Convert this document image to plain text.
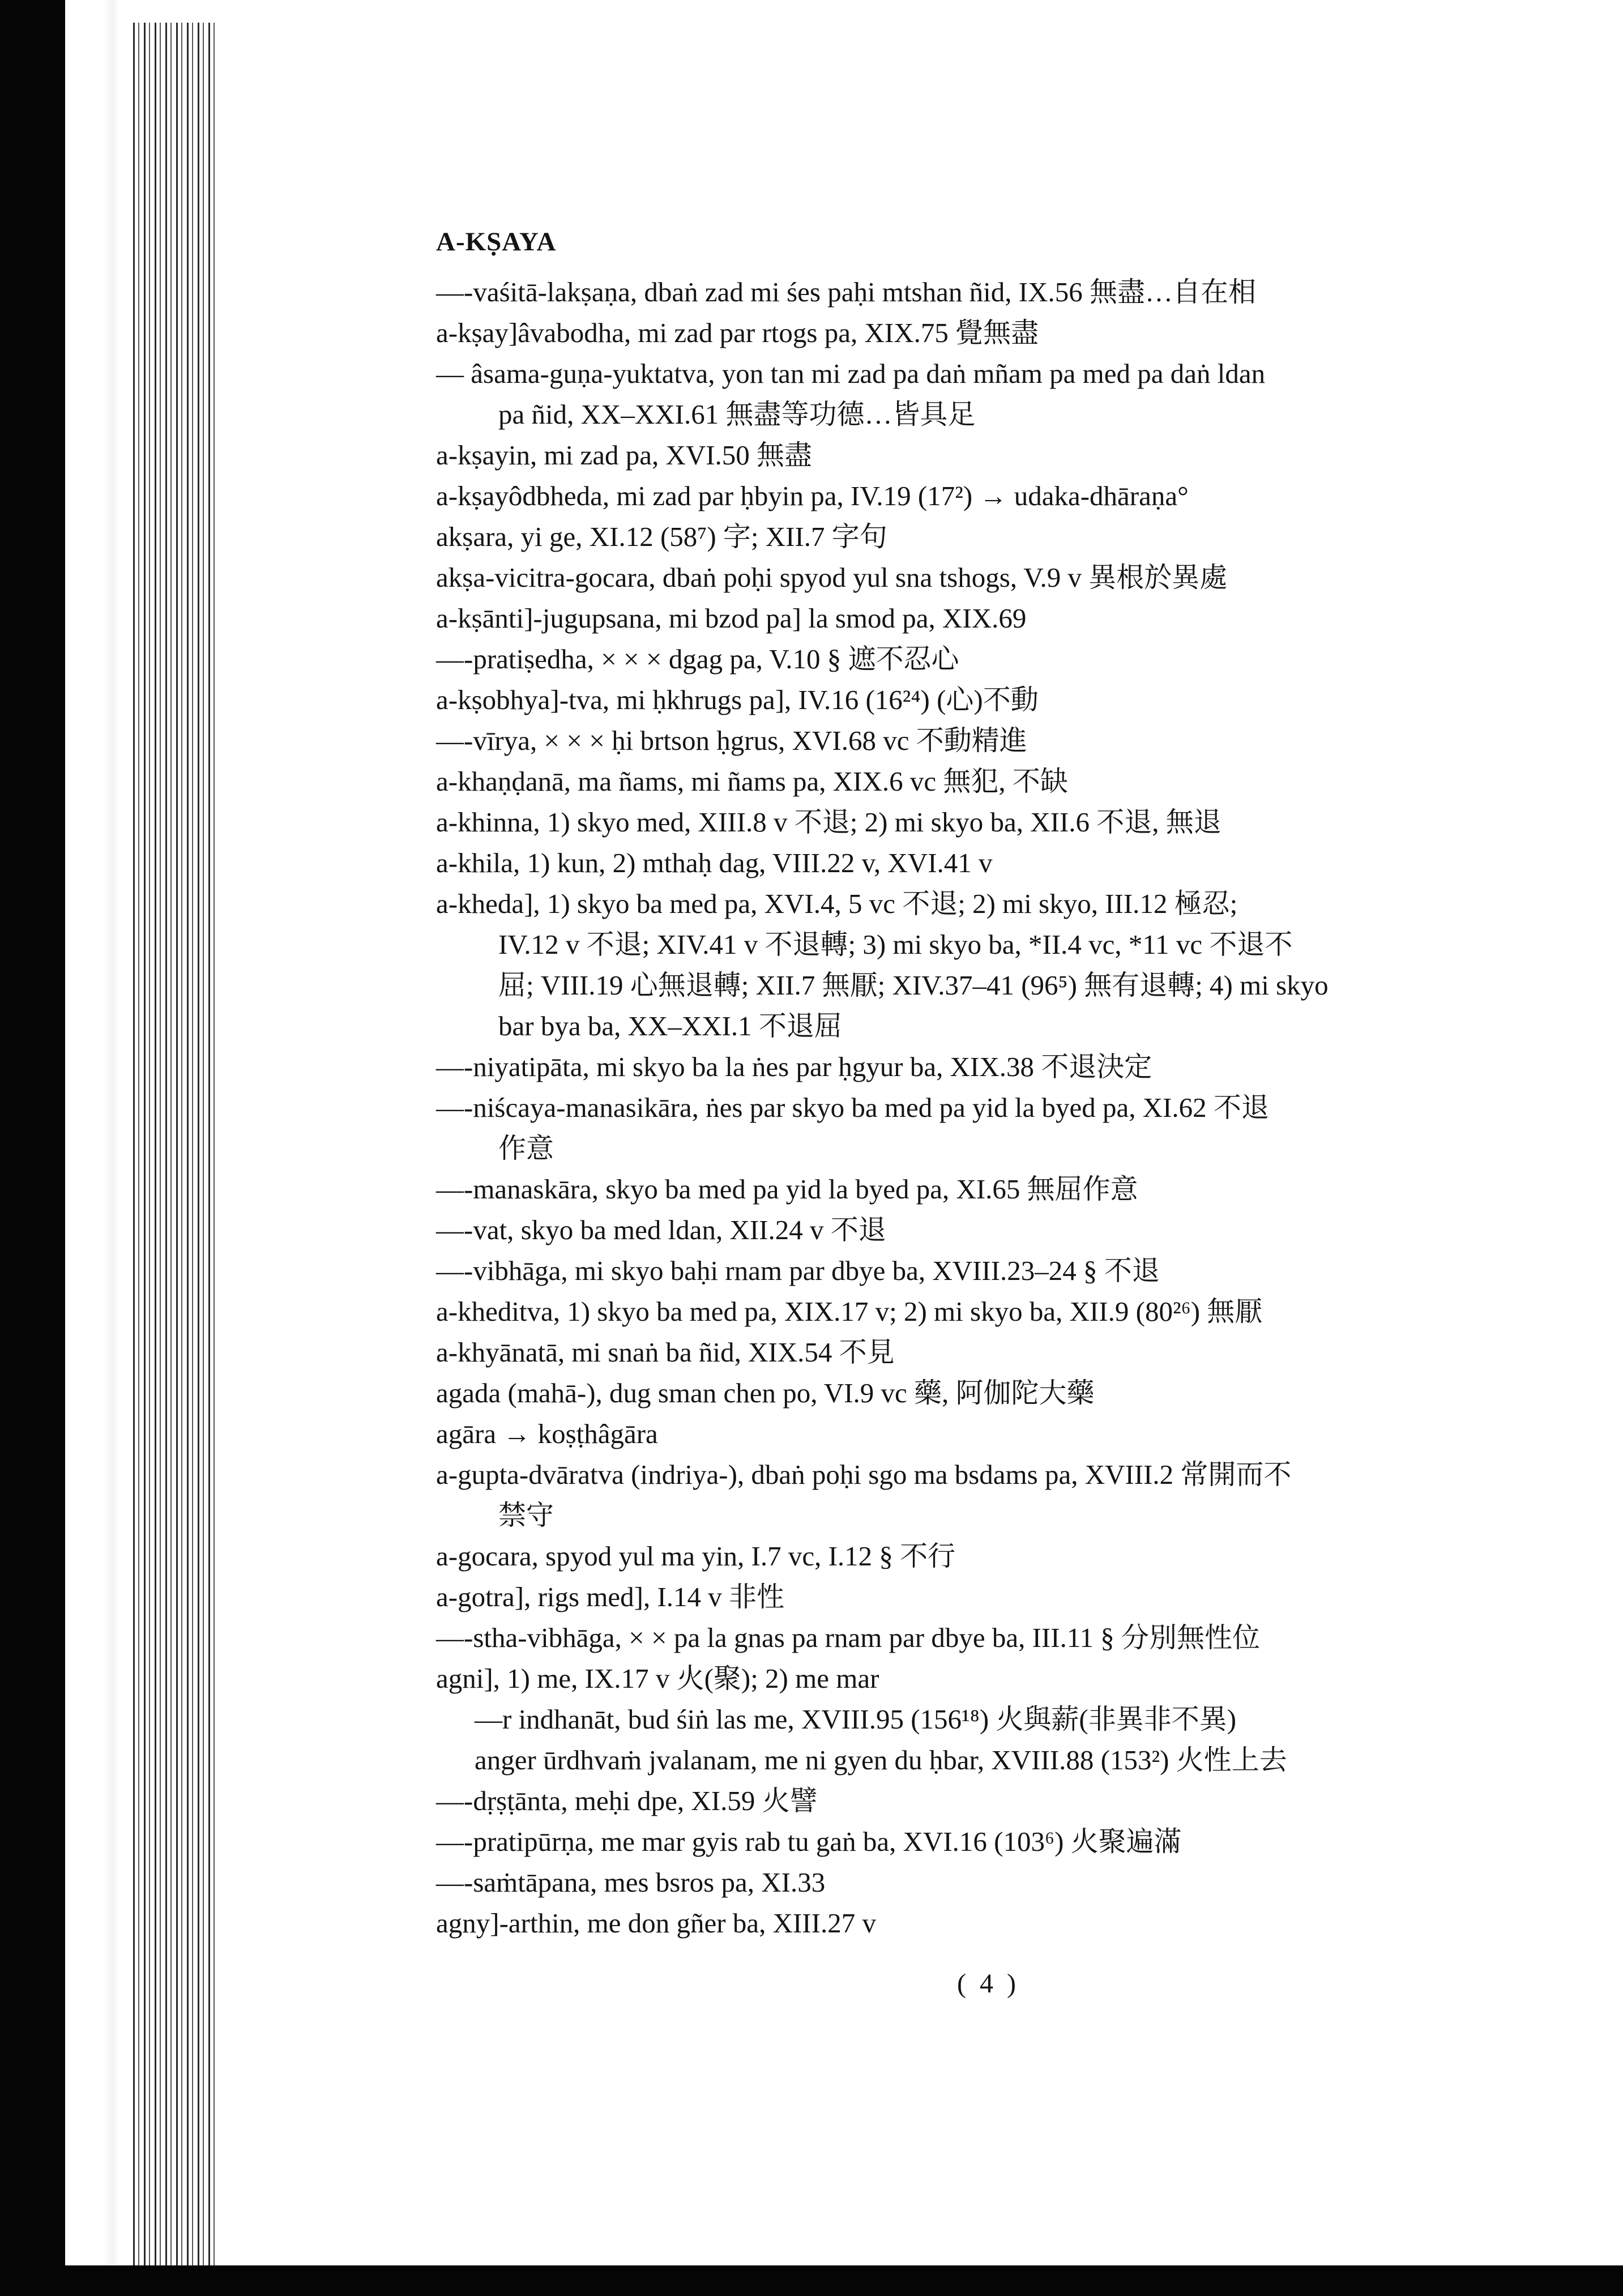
A-KṢAYA
—-vaśitā-lakṣaṇa, dbaṅ zad mi śes paḥi mtshan ñid, IX.56 無盡…自在相
a-kṣay]âvabodha, mi zad par rtogs pa, XIX.75 覺無盡
— âsama-guṇa-yuktatva, yon tan mi zad pa daṅ mñam pa med pa daṅ ldan
pa ñid, XX–XXI.61 無盡等功德…皆具足
a-kṣayin, mi zad pa, XVI.50 無盡
a-kṣayôdbheda, mi zad par ḥbyin pa, IV.19 (17²) → udaka-dhāraṇa°
akṣara, yi ge, XI.12 (58⁷) 字; XII.7 字句
akṣa-vicitra-gocara, dbaṅ poḥi spyod yul sna tshogs, V.9 v 異根於異處
a-kṣānti]-jugupsana, mi bzod pa] la smod pa, XIX.69
—-pratiṣedha, × × × dgag pa, V.10 § 遮不忍心
a-kṣobhya]-tva, mi ḥkhrugs pa], IV.16 (16²⁴) (心)不動
—-vīrya, × × × ḥi brtson ḥgrus, XVI.68 vc 不動精進
a-khaṇḍanā, ma ñams, mi ñams pa, XIX.6 vc 無犯, 不缺
a-khinna, 1) skyo med, XIII.8 v 不退; 2) mi skyo ba, XII.6 不退, 無退
a-khila, 1) kun, 2) mthaḥ dag, VIII.22 v, XVI.41 v
a-kheda], 1) skyo ba med pa, XVI.4, 5 vc 不退; 2) mi skyo, III.12 極忍;
IV.12 v 不退; XIV.41 v 不退轉; 3) mi skyo ba, *II.4 vc, *11 vc 不退不
屈; VIII.19 心無退轉; XII.7 無厭; XIV.37–41 (96⁵) 無有退轉; 4) mi skyo
bar bya ba, XX–XXI.1 不退屈
—-niyatipāta, mi skyo ba la ṅes par ḥgyur ba, XIX.38 不退決定
—-niścaya-manasikāra, ṅes par skyo ba med pa yid la byed pa, XI.62 不退
作意
—-manaskāra, skyo ba med pa yid la byed pa, XI.65 無屈作意
—-vat, skyo ba med ldan, XII.24 v 不退
—-vibhāga, mi skyo baḥi rnam par dbye ba, XVIII.23–24 § 不退
a-kheditva, 1) skyo ba med pa, XIX.17 v; 2) mi skyo ba, XII.9 (80²⁶) 無厭
a-khyānatā, mi snaṅ ba ñid, XIX.54 不見
agada (mahā-), dug sman chen po, VI.9 vc 藥, 阿伽陀大藥
agāra → koṣṭhâgāra
a-gupta-dvāratva (indriya-), dbaṅ poḥi sgo ma bsdams pa, XVIII.2 常開而不
禁守
a-gocara, spyod yul ma yin, I.7 vc, I.12 § 不行
a-gotra], rigs med], I.14 v 非性
—-stha-vibhāga, × × pa la gnas pa rnam par dbye ba, III.11 § 分別無性位
agni], 1) me, IX.17 v 火(聚); 2) me mar
—r indhanāt, bud śiṅ las me, XVIII.95 (156¹⁸) 火與薪(非異非不異)
anger ūrdhvaṁ jvalanam, me ni gyen du ḥbar, XVIII.88 (153²) 火性上去
—-dṛṣṭānta, meḥi dpe, XI.59 火譬
—-pratipūrṇa, me mar gyis rab tu gaṅ ba, XVI.16 (103⁶) 火聚遍滿
—-saṁtāpana, mes bsros pa, XI.33
agny]-arthin, me don gñer ba, XIII.27 v
( 4 )
